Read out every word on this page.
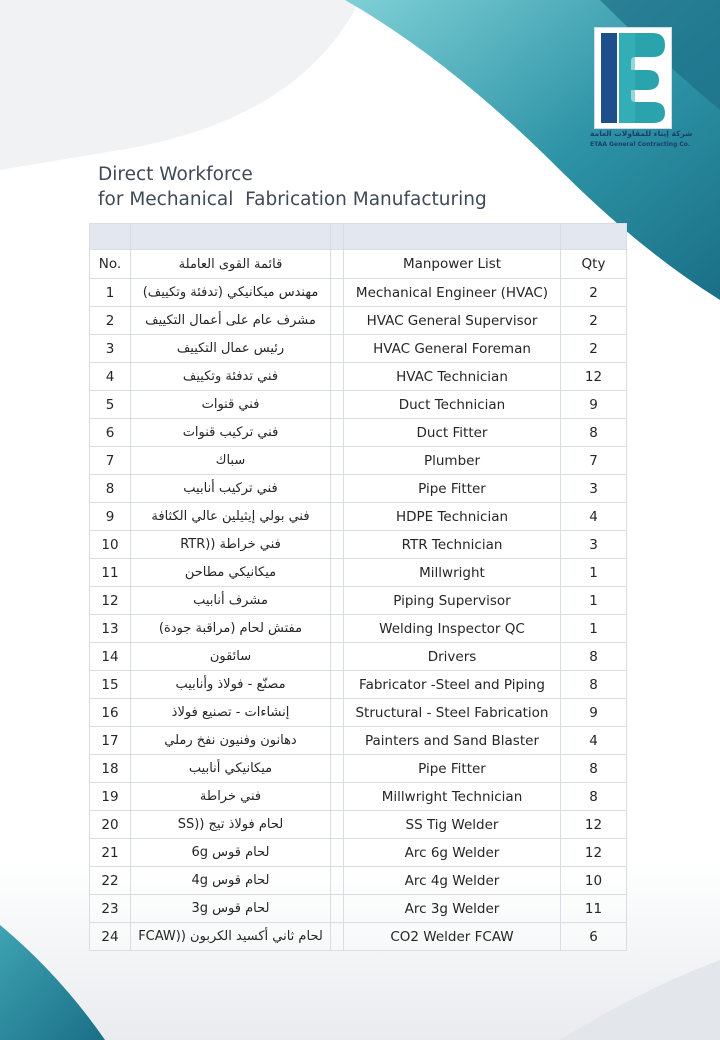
شركة إيتاء للمقاولات العامة
ETAA General Contracting Co.
Direct Workforce
for Mechanical  Fabrication Manufacturing

No.	قائمة القوى العاملة		Manpower List	Qty
1	مهندس ميكانيكي (تدفئة وتكييف)		Mechanical Engineer (HVAC)	2
2	مشرف عام على أعمال التكييف		HVAC General Supervisor	2
3	رئيس عمال التكييف		HVAC General Foreman	2
4	فني تدفئة وتكييف		HVAC Technician	12
5	فني قنوات		Duct Technician	9
6	فني تركيب قنوات		Duct Fitter	8
7	سباك		Plumber	7
8	فني تركيب أنابيب		Pipe Fitter	3
9	فني بولي إيثيلين عالي الكثافة		HDPE Technician	4
10	فني خراطة ((RTR		RTR Technician	3
11	ميكانيكي مطاحن		Millwright	1
12	مشرف أنابيب		Piping Supervisor	1
13	مفتش لحام (مراقبة جودة)		Welding Inspector QC	1
14	سائقون		Drivers	8
15	مصنّع - فولاذ وأنابيب		Fabricator -Steel and Piping	8
16	إنشاءات - تصنيع فولاذ		Structural - Steel Fabrication	9
17	دهانون وفنيون نفخ رملي		Painters and Sand Blaster	4
18	ميكانيكي أنابيب		Pipe Fitter	8
19	فني خراطة		Millwright Technician	8
20	لحام فولاذ تيج ((SS		SS Tig Welder	12
21	لحام قوس 6g		Arc 6g Welder	12
22	لحام قوس 4g		Arc 4g Welder	10
23	لحام قوس 3g		Arc 3g Welder	11
24	لحام ثاني أكسيد الكربون ((FCAW		CO2 Welder FCAW	6
